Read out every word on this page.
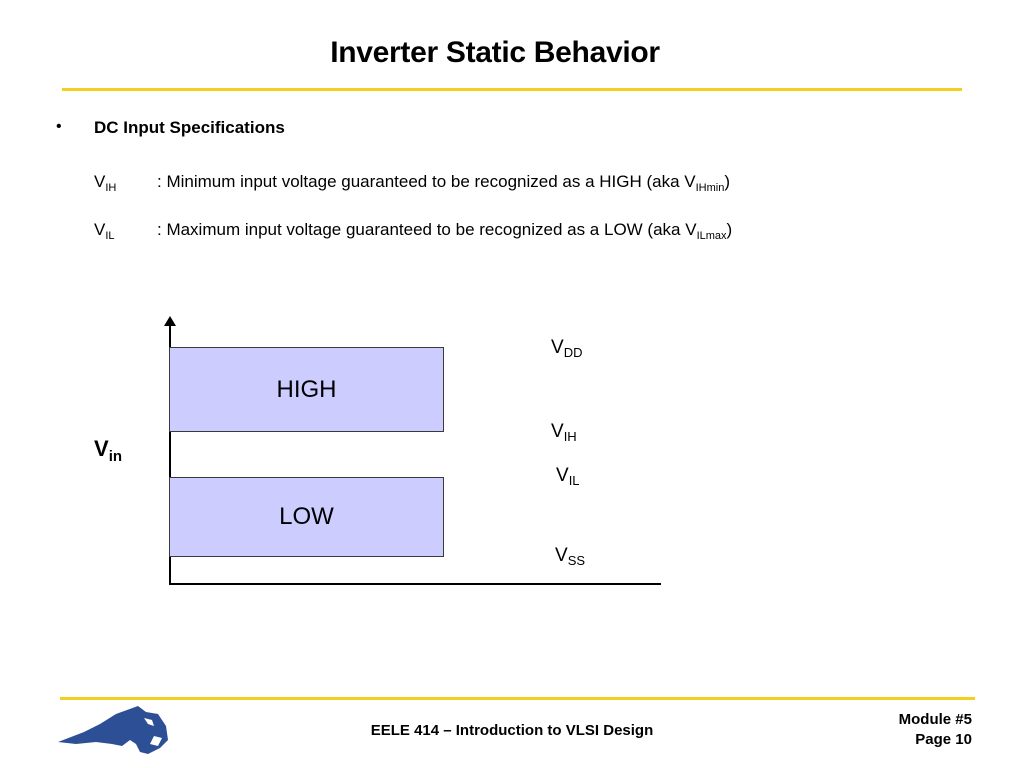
Inverter Static Behavior
• DC Input Specifications
$V_{IH}$ : Minimum input voltage guaranteed to be recognized as a HIGH (aka $V_{IHmin}$)
$V_{IL}$ : Maximum input voltage guaranteed to be recognized as a LOW (aka $V_{ILmax}$)
HIGH
LOW
$V_{in}$
$V_{DD}$
$V_{IH}$
$V_{IL}$
$V_{SS}$
EELE 414 – Introduction to VLSI Design
Module #5
Page 10
